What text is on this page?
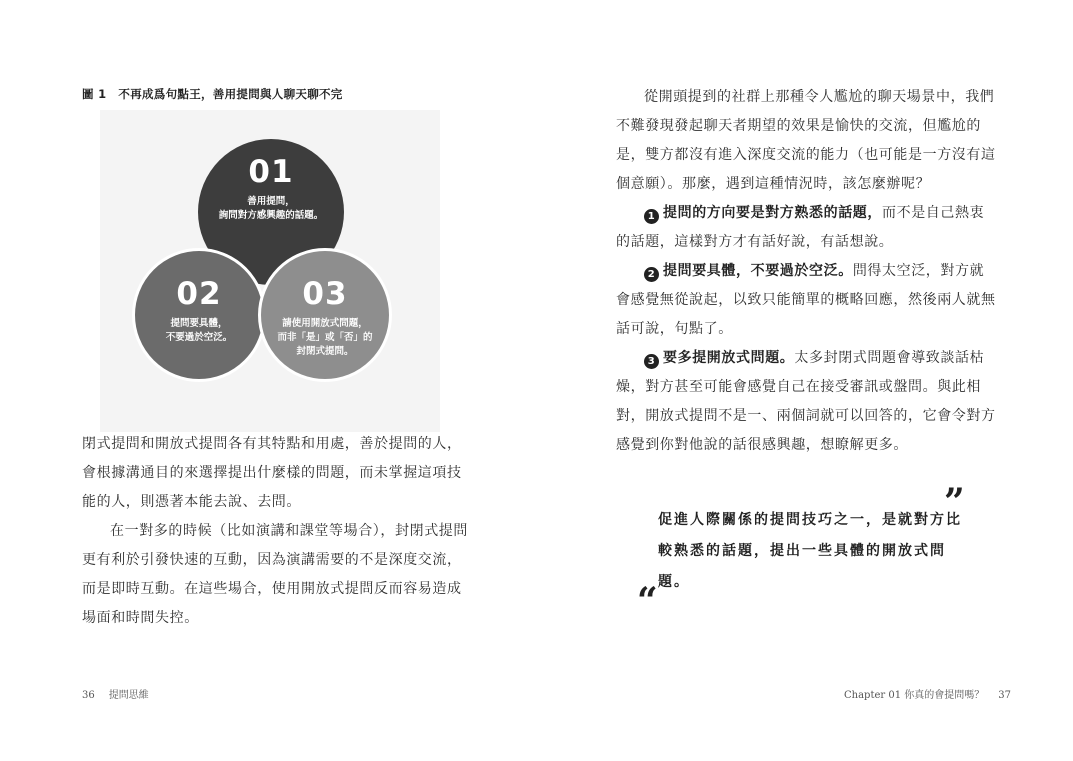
圖 1 不再成爲句點王，善用提問與人聊天聊不完
01
善用提問，
詢問對方感興趣的話題。
02
提問要具體，
不要過於空泛。
03
請使用開放式問題，
而非「是」或「否」的
封閉式提問。

閉式提問和開放式提問各有其特點和用處，善於提問的人，會根據溝通目的來選擇提出什麼樣的問題，而未掌握這項技能的人，則憑著本能去說、去問。

在一對多的時候（比如演講和課堂等場合），封閉式提問更有利於引發快速的互動，因為演講需要的不是深度交流，而是即時互動。在這些場合，使用開放式提問反而容易造成場面和時間失控。

從開頭提到的社群上那種令人尷尬的聊天場景中，我們不難發現發起聊天者期望的效果是愉快的交流，但尷尬的是，雙方都沒有進入深度交流的能力（也可能是一方沒有這個意願）。那麼，遇到這種情況時，該怎麼辦呢？

1 提問的方向要是對方熟悉的話題，而不是自己熱衷的話題，這樣對方才有話好說，有話想說。

2 提問要具體，不要過於空泛。問得太空泛，對方就會感覺無從說起，以致只能簡單的概略回應，然後兩人就無話可說，句點了。

3 要多提開放式問題。太多封閉式問題會導致談話枯燥，對方甚至可能會感覺自己在接受審訊或盤問。與此相對，開放式提問不是一、兩個詞就可以回答的，它會令對方感覺到你對他說的話很感興趣，想瞭解更多。

”

促進人際關係的提問技巧之一，是就對方比較熟悉的話題，提出一些具體的開放式問題。

“
36 提問思維	Chapter 01 你真的會提問嗎？ 37
